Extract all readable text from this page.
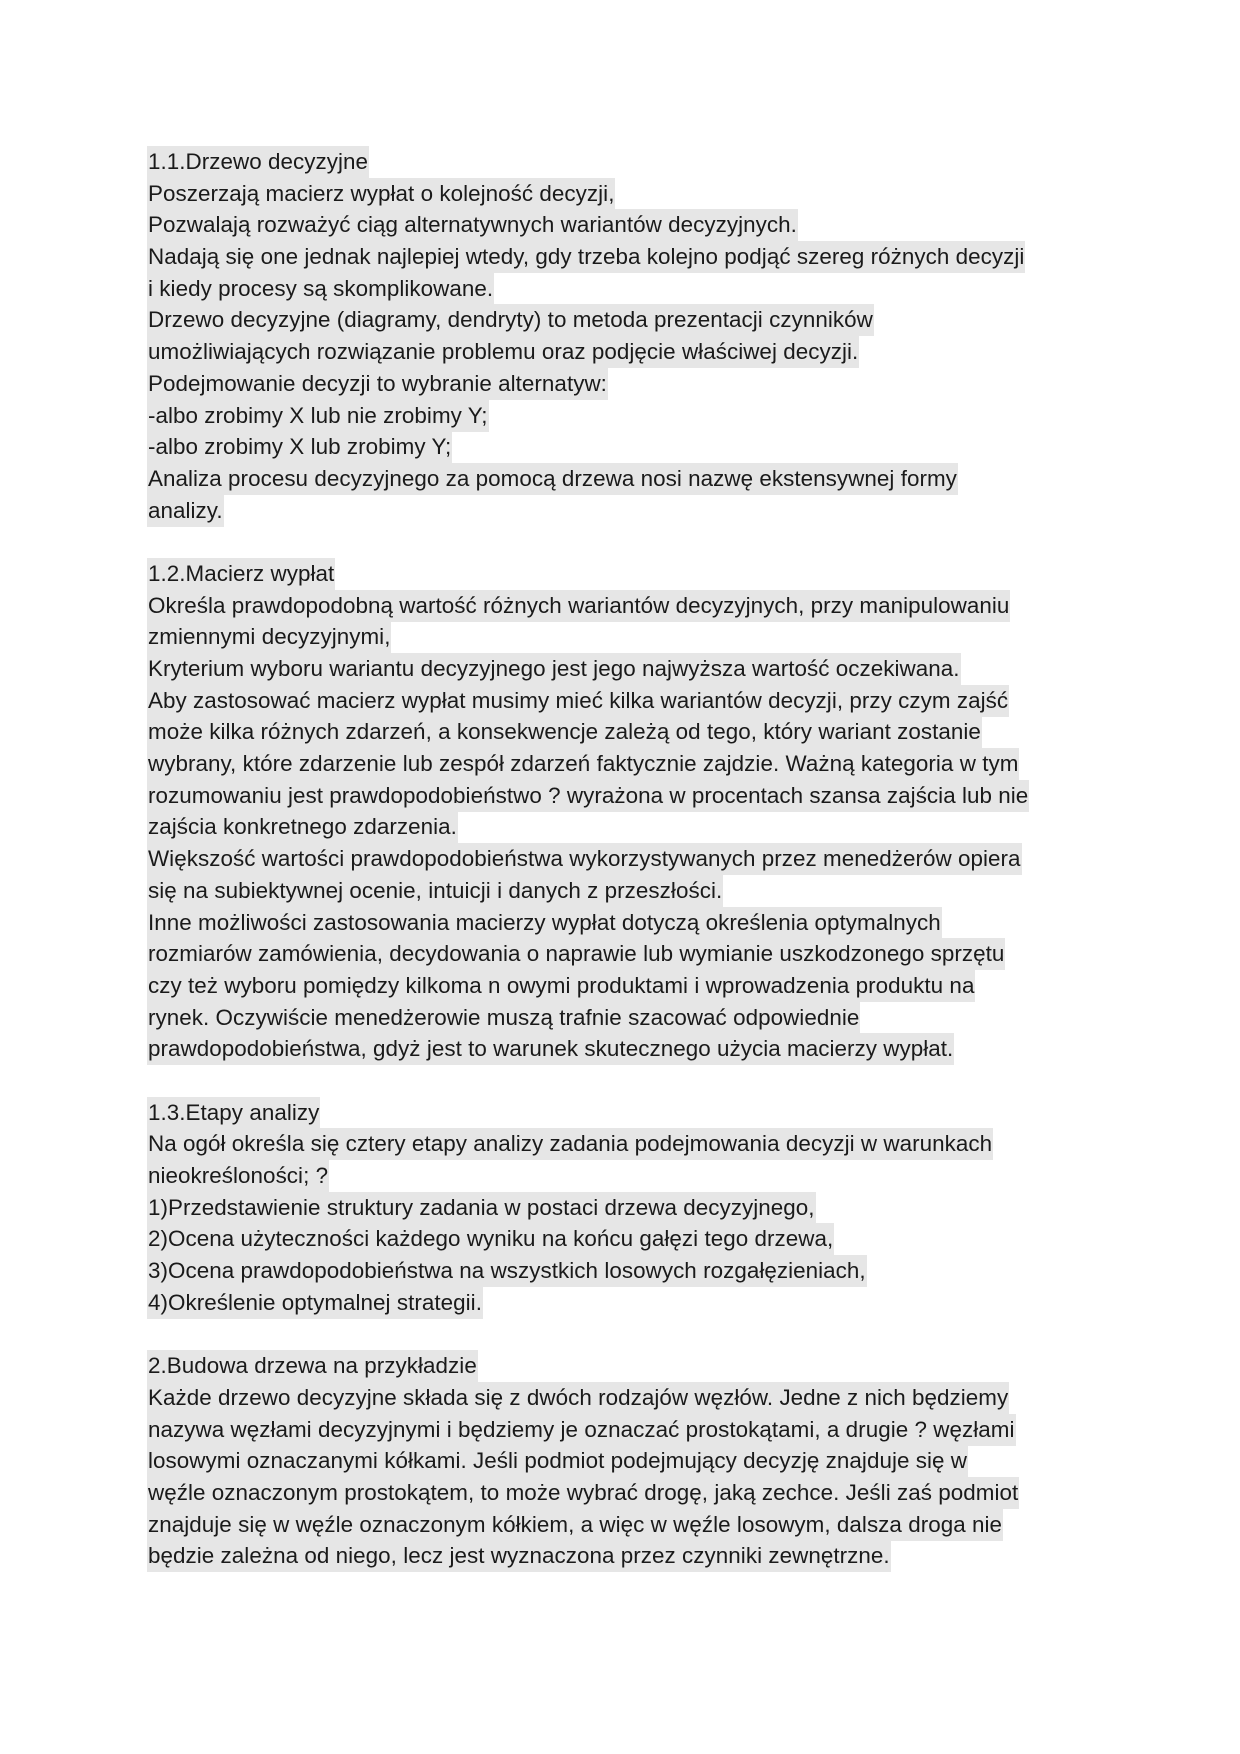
1.1.Drzewo decyzyjne
Poszerzają macierz wypłat o kolejność decyzji,
Pozwalają rozważyć ciąg alternatywnych wariantów decyzyjnych.
Nadają się one jednak najlepiej wtedy, gdy trzeba kolejno podjąć szereg różnych decyzji
i kiedy procesy są skomplikowane.
Drzewo decyzyjne (diagramy, dendryty) to metoda prezentacji czynników
umożliwiających rozwiązanie problemu oraz podjęcie właściwej decyzji.
Podejmowanie decyzji to wybranie alternatyw:
-albo zrobimy X lub nie zrobimy Y;
-albo zrobimy X lub zrobimy Y;
Analiza procesu decyzyjnego za pomocą drzewa nosi nazwę ekstensywnej formy
analizy.
1.2.Macierz wypłat
Określa prawdopodobną wartość różnych wariantów decyzyjnych, przy manipulowaniu
zmiennymi decyzyjnymi,
Kryterium wyboru wariantu decyzyjnego jest jego najwyższa wartość oczekiwana.
Aby zastosować macierz wypłat musimy mieć kilka wariantów decyzji, przy czym zajść
może kilka różnych zdarzeń, a konsekwencje zależą od tego, który wariant zostanie
wybrany, które zdarzenie lub zespół zdarzeń faktycznie zajdzie. Ważną kategoria w tym
rozumowaniu jest prawdopodobieństwo ? wyrażona w procentach szansa zajścia lub nie
zajścia konkretnego zdarzenia.
Większość wartości prawdopodobieństwa wykorzystywanych przez menedżerów opiera
się na subiektywnej ocenie, intuicji i danych z przeszłości.
Inne możliwości zastosowania macierzy wypłat dotyczą określenia optymalnych
rozmiarów zamówienia, decydowania o naprawie lub wymianie uszkodzonego sprzętu
czy też wyboru pomiędzy kilkoma n owymi produktami i wprowadzenia produktu na
rynek. Oczywiście menedżerowie muszą trafnie szacować odpowiednie
prawdopodobieństwa, gdyż jest to warunek skutecznego użycia macierzy wypłat.
1.3.Etapy analizy
Na ogół określa się cztery etapy analizy zadania podejmowania decyzji w warunkach
nieokreśloności; ?
1)Przedstawienie struktury zadania w postaci drzewa decyzyjnego,
2)Ocena użyteczności każdego wyniku na końcu gałęzi tego drzewa,
3)Ocena prawdopodobieństwa na wszystkich losowych rozgałęzieniach,
4)Określenie optymalnej strategii.
2.Budowa drzewa na przykładzie
Każde drzewo decyzyjne składa się z dwóch rodzajów węzłów. Jedne z nich będziemy
nazywa węzłami decyzyjnymi i będziemy je oznaczać prostokątami, a drugie ? węzłami
losowymi oznaczanymi kółkami. Jeśli podmiot podejmujący decyzję znajduje się w
węźle oznaczonym prostokątem, to może wybrać drogę, jaką zechce. Jeśli zaś podmiot
znajduje się w węźle oznaczonym kółkiem, a więc w węźle losowym, dalsza droga nie
będzie zależna od niego, lecz jest wyznaczona przez czynniki zewnętrzne.
